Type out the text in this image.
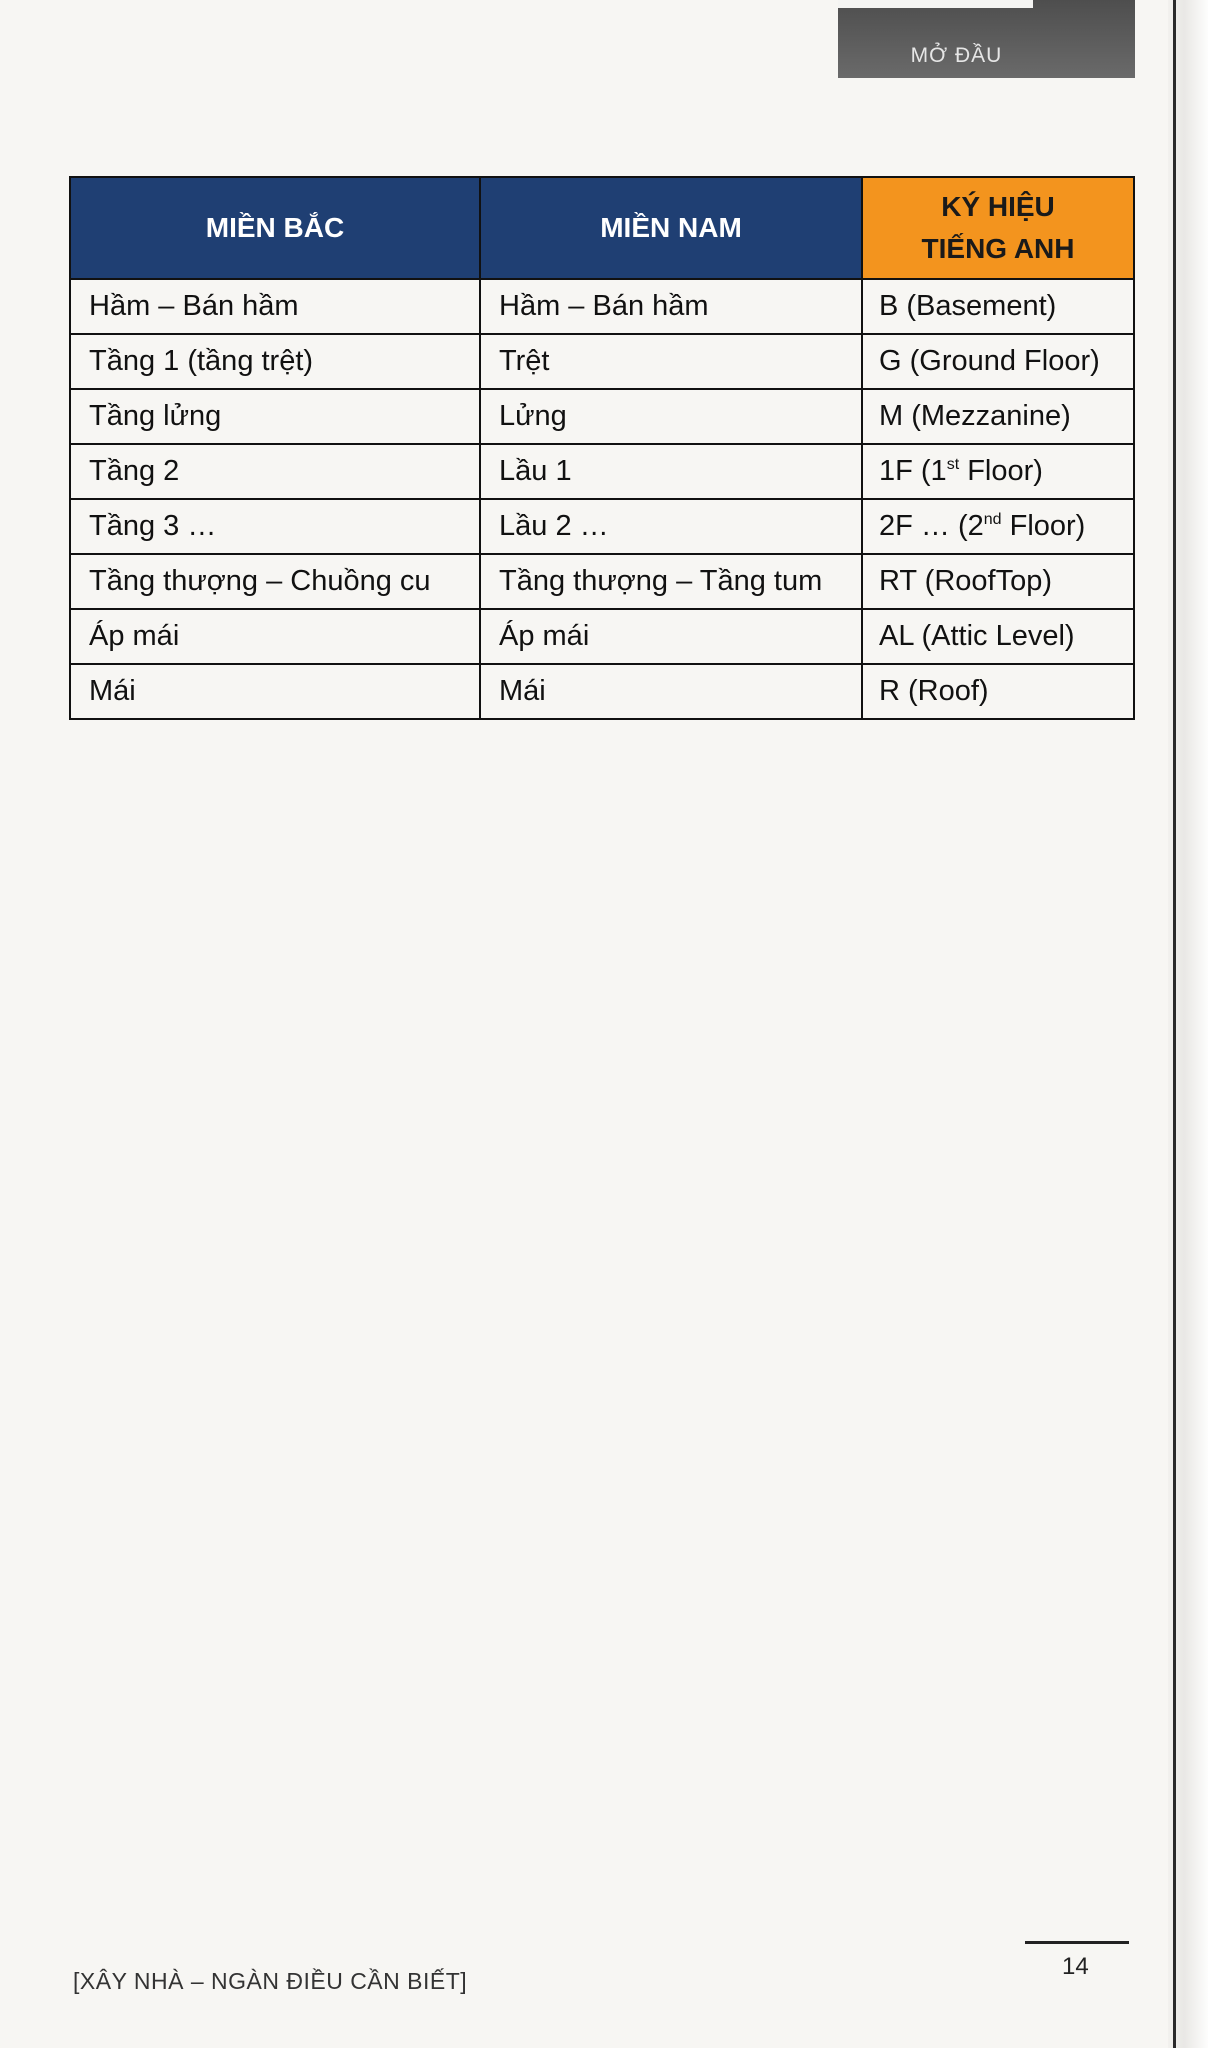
MỞ ĐẦU
MIỀN BẮC	MIỀN NAM	KÝ HIỆU
TIẾNG ANH
Hầm – Bán hầm	Hầm – Bán hầm	B (Basement)
Tầng 1 (tầng trệt)	Trệt	G (Ground Floor)
Tầng lửng	Lửng	M (Mezzanine)
Tầng 2	Lầu 1	1F (1st Floor)
Tầng 3 …	Lầu 2 …	2F … (2nd Floor)
Tầng thượng – Chuồng cu	Tầng thượng – Tầng tum	RT (RoofTop)
Áp mái	Áp mái	AL (Attic Level)
Mái	Mái	R (Roof)
[XÂY NHÀ – NGÀN ĐIỀU CẦN BIẾT]
14
